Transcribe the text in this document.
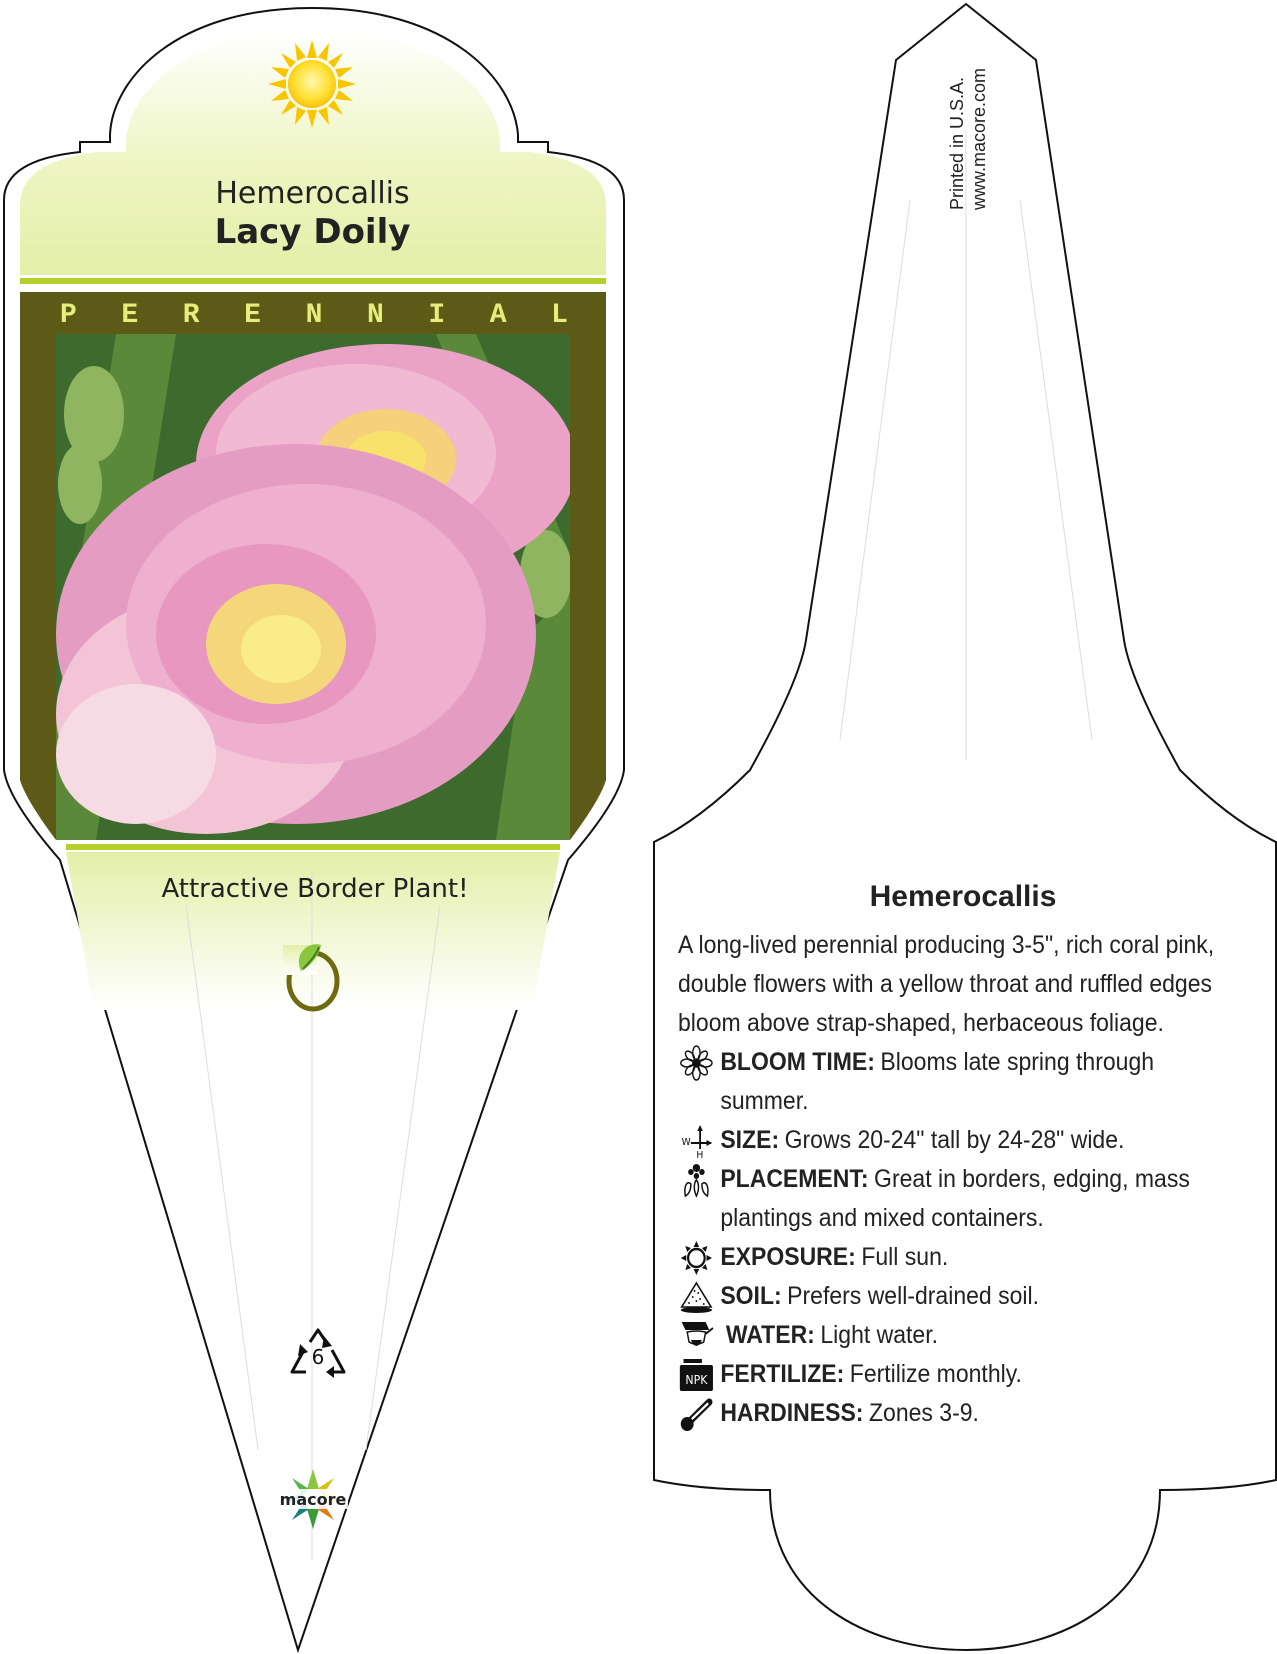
Hemerocallis
Lacy Doily
P E R E N N I A L
Attractive Border Plant!
6
macore
Printed in U.S.A. www.macore.com
Hemerocallis
A long-lived perennial producing 3-5", rich coral pink, double flowers with a yellow throat and ruffled edges bloom above strap-shaped, herbaceous foliage.
BLOOM TIME: Blooms late spring through summer.
W
H
SIZE: Grows 20-24" tall by 24-28" wide.
PLACEMENT: Great in borders, edging, mass plantings and mixed containers.
EXPOSURE: Full sun.
SOIL: Prefers well-drained soil.
WATER: Light water.
NPK FERTILIZE: Fertilize monthly.
HARDINESS: Zones 3-9.
